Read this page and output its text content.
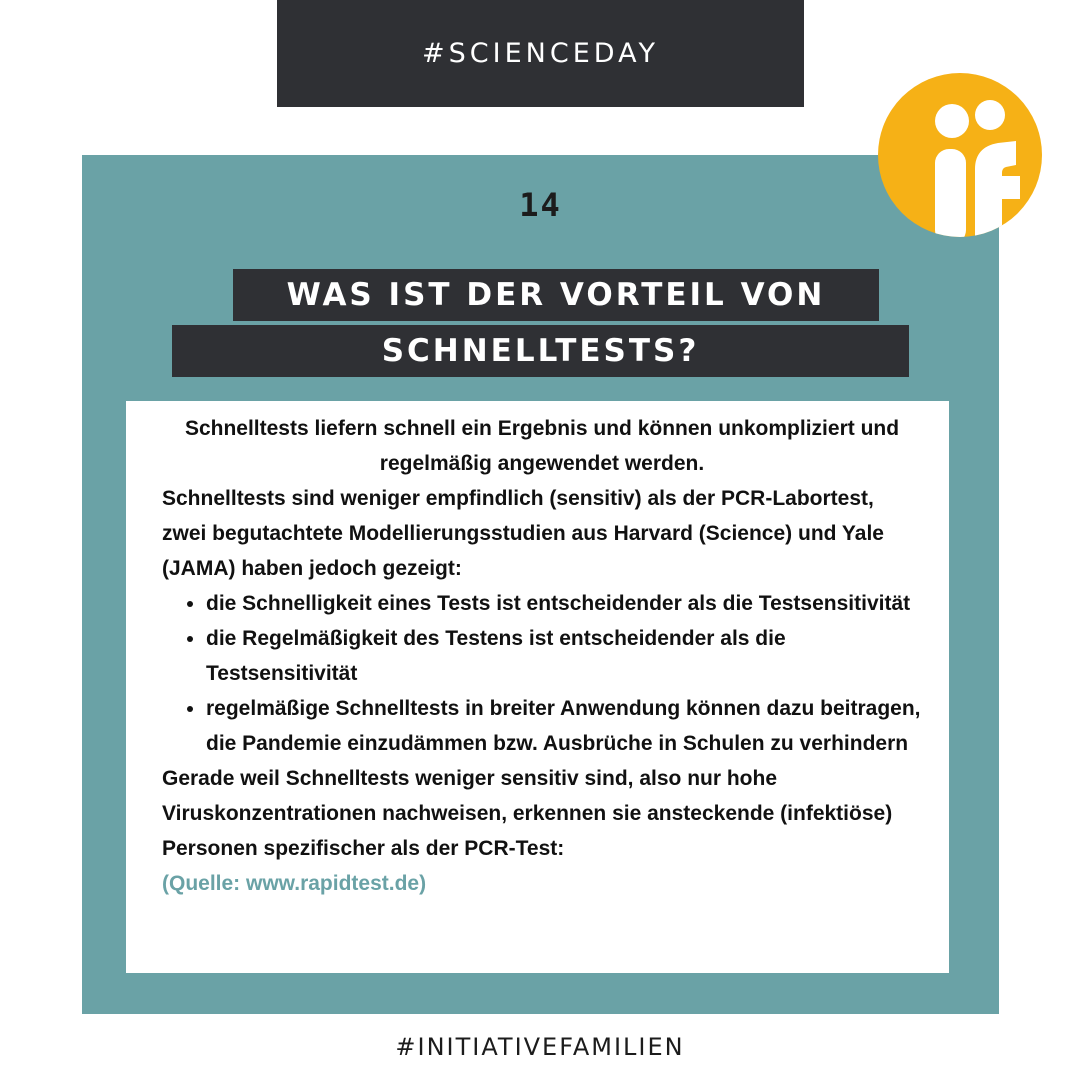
#SCIENCEDAY
14
WAS IST DER VORTEIL VON
SCHNELLTESTS?

Schnelltests liefern schnell ein Ergebnis und können unkompliziert und regelmäßig angewendet werden.

Schnelltests sind weniger empfindlich (sensitiv) als der PCR-Labortest, zwei begutachtete Modellierungsstudien aus Harvard (Science) und Yale (JAMA) haben jedoch gezeigt:

• die Schnelligkeit eines Tests ist entscheidender als die Testsensitivität
• die Regelmäßigkeit des Testens ist entscheidender als die Testsensitivität
• regelmäßige Schnelltests in breiter Anwendung können dazu beitragen, die Pandemie einzudämmen bzw. Ausbrüche in Schulen zu verhindern

Gerade weil Schnelltests weniger sensitiv sind, also nur hohe Viruskonzentrationen nachweisen, erkennen sie ansteckende (infektiöse) Personen spezifischer als der PCR-Test:

(Quelle: www.rapidtest.de)

#INITIATIVEFAMILIEN
